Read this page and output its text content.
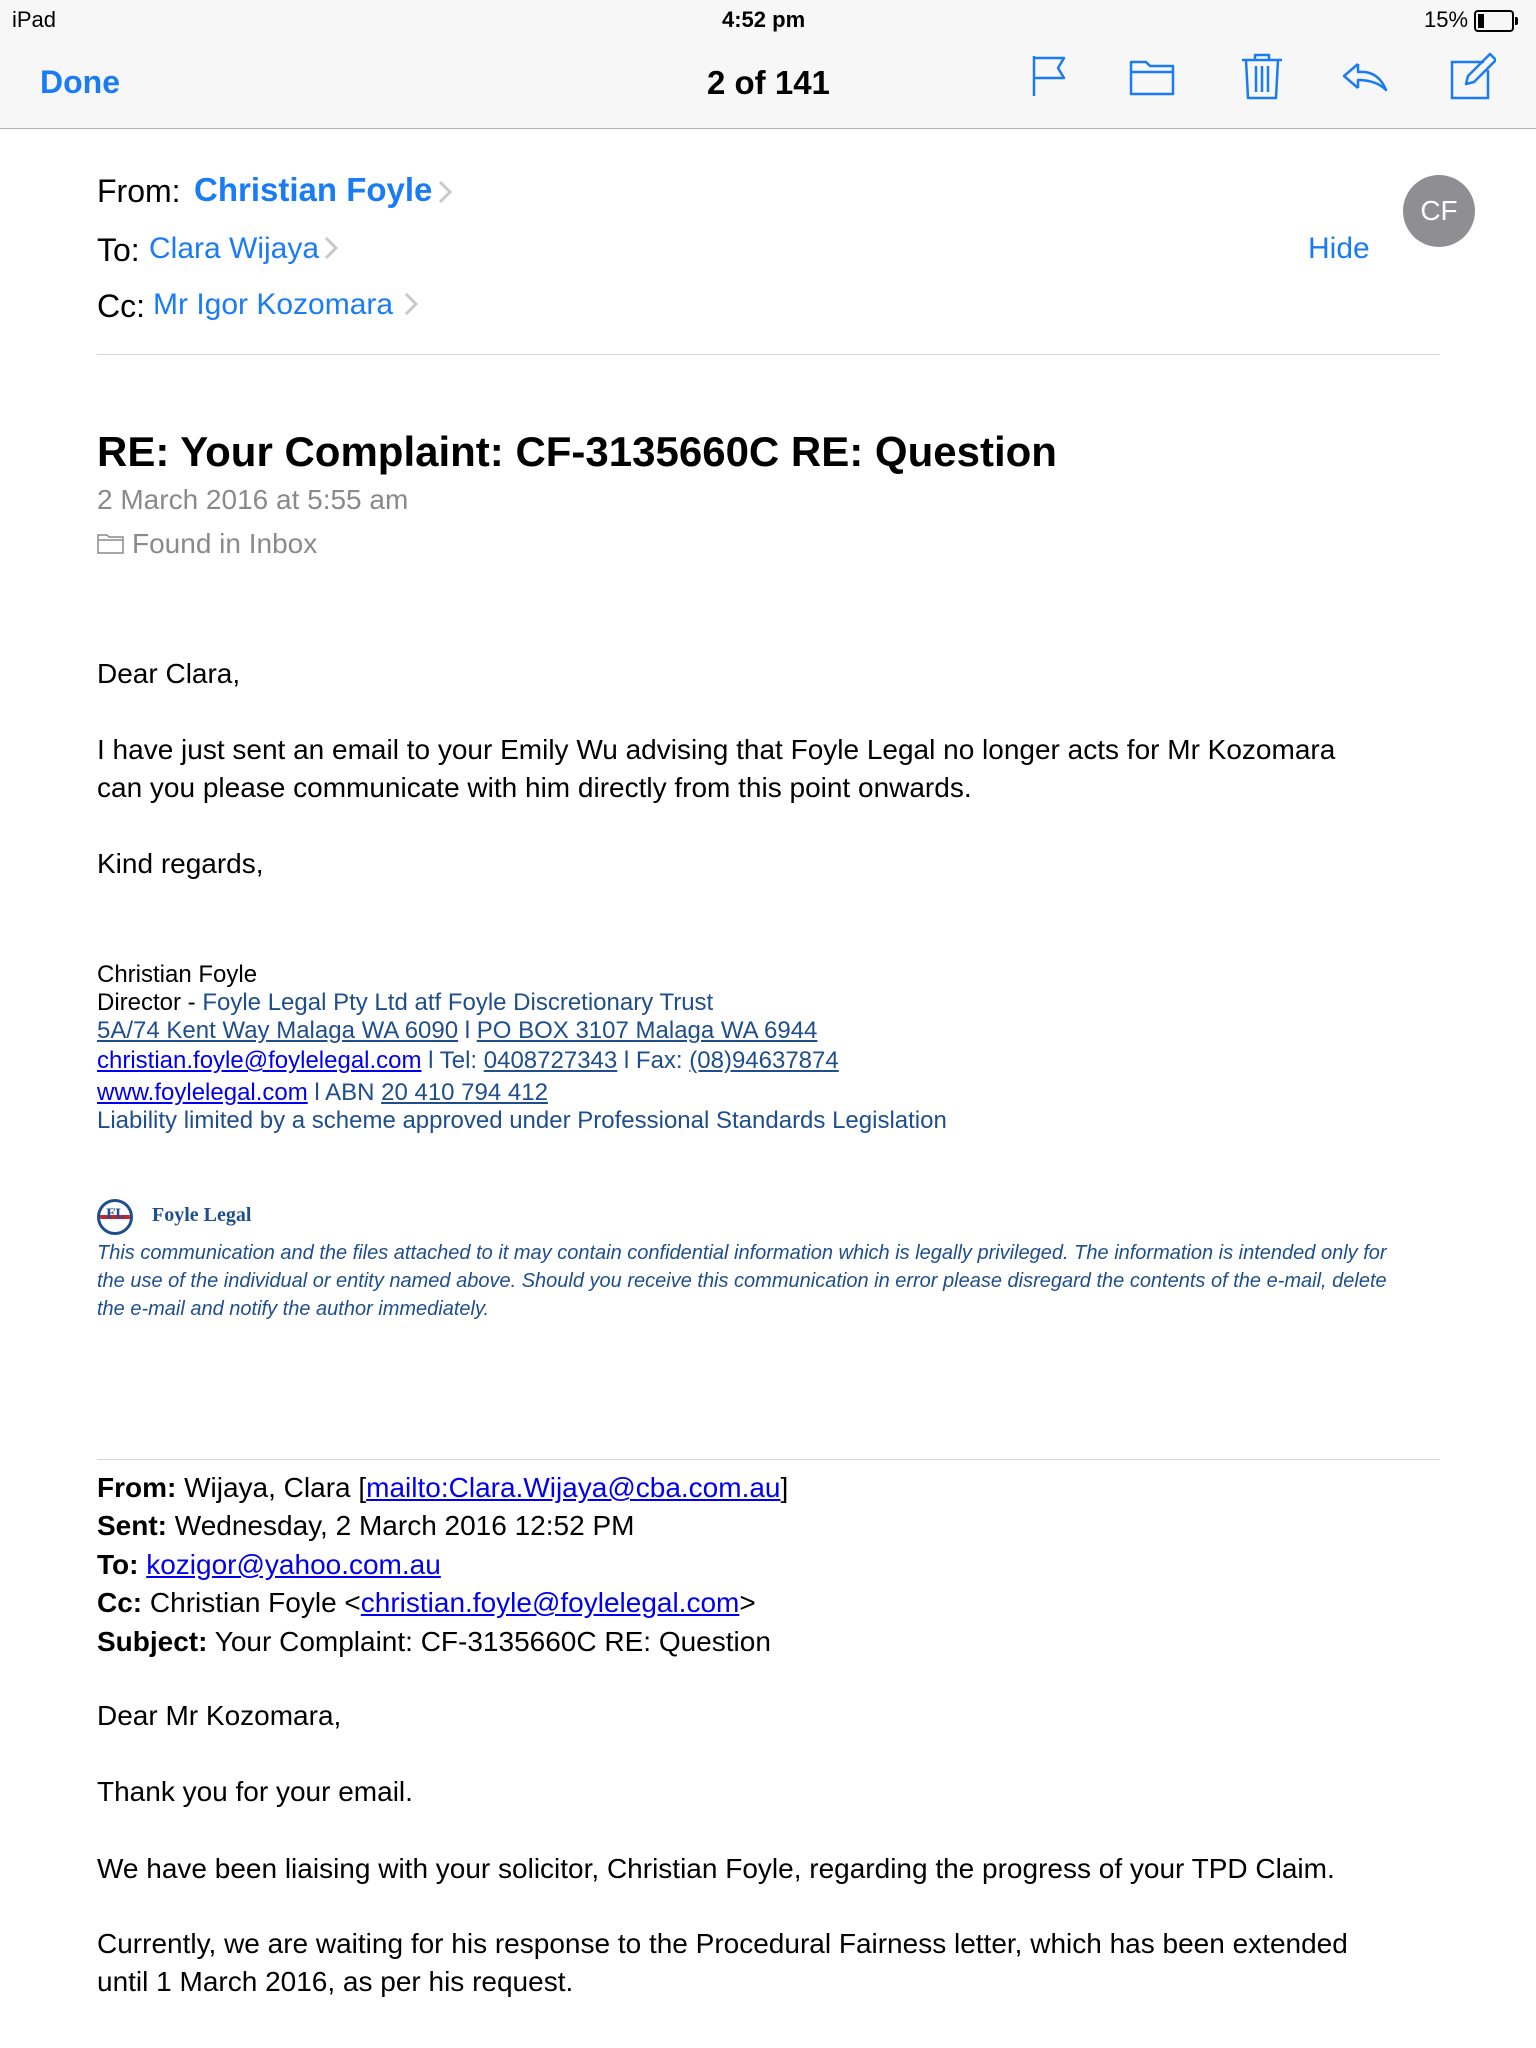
iPad	4:52 pm	15%
Done	2 of 141
From: Christian Foyle
To: Clara Wijaya
Cc: Mr Igor Kozomara
Hide
CF
RE: Your Complaint: CF-3135660C RE: Question
2 March 2016 at 5:55 am
Found in Inbox
Dear Clara,
I have just sent an email to your Emily Wu advising that Foyle Legal no longer acts for Mr Kozomara
can you please communicate with him directly from this point onwards.
Kind regards,
Christian Foyle
Director - Foyle Legal Pty Ltd atf Foyle Discretionary Trust
5A/74 Kent Way Malaga WA 6090 l PO BOX 3107 Malaga WA 6944
christian.foyle@foylelegal.com l Tel: 0408727343 l Fax: (08)94637874
www.foylelegal.com l ABN 20 410 794 412
Liability limited by a scheme approved under Professional Standards Legislation
FL Foyle Legal
This communication and the files attached to it may contain confidential information which is legally privileged. The information is intended only for the use of the individual or entity named above. Should you receive this communication in error please disregard the contents of the e-mail, delete the e-mail and notify the author immediately.
From: Wijaya, Clara [mailto:Clara.Wijaya@cba.com.au]
Sent: Wednesday, 2 March 2016 12:52 PM
To: kozigor@yahoo.com.au
Cc: Christian Foyle <christian.foyle@foylelegal.com>
Subject: Your Complaint: CF-3135660C RE: Question
Dear Mr Kozomara,
Thank you for your email.
We have been liaising with your solicitor, Christian Foyle, regarding the progress of your TPD Claim.
Currently, we are waiting for his response to the Procedural Fairness letter, which has been extended
until 1 March 2016, as per his request.
